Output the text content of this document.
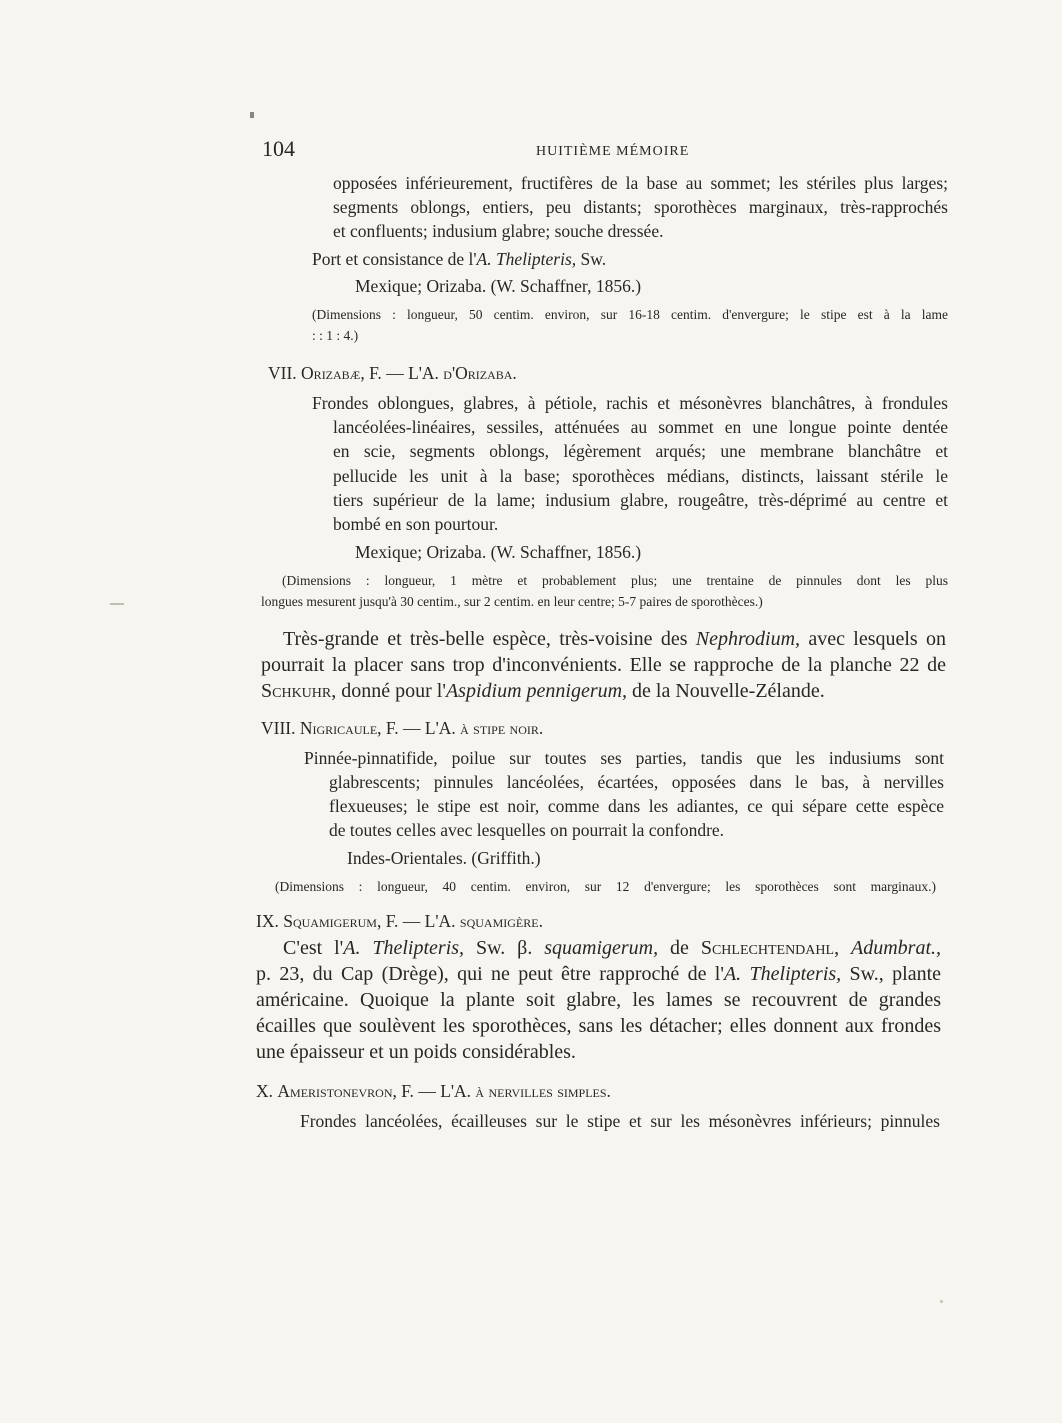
104	HUITIÈME MÉMOIRE
opposées inférieurement, fructifères de la base au sommet; les stériles plus larges;
segments oblongs, entiers, peu distants; sporothèces marginaux, très-rapprochés
et confluents; indusium glabre; souche dressée.
Port et consistance de l'A. Thelipteris, Sw.
Mexique; Orizaba. (W. Schaffner, 1856.)
(Dimensions : longueur, 50 centim. environ, sur 16-18 centim. d'envergure; le stipe est à la lame
: : 1 : 4.)
VII. Orizabæ, F. — L'A. d'Orizaba.
Frondes oblongues, glabres, à pétiole, rachis et mésonèvres blanchâtres, à frondules
lancéolées-linéaires, sessiles, atténuées au sommet en une longue pointe dentée
en scie, segments oblongs, légèrement arqués; une membrane blanchâtre et
pellucide les unit à la base; sporothèces médians, distincts, laissant stérile le
tiers supérieur de la lame; indusium glabre, rougeâtre, très-déprimé au centre et
bombé en son pourtour.
Mexique; Orizaba. (W. Schaffner, 1856.)
(Dimensions : longueur, 1 mètre et probablement plus; une trentaine de pinnules dont les plus
longues mesurent jusqu'à 30 centim., sur 2 centim. en leur centre; 5-7 paires de sporothèces.)
Très-grande et très-belle espèce, très-voisine des Nephrodium, avec lesquels on
pourrait la placer sans trop d'inconvénients. Elle se rapproche de la planche 22 de
Schkuhr, donné pour l'Aspidium pennigerum, de la Nouvelle-Zélande.
VIII. Nigricaule, F. — L'A. à stipe noir.
Pinnée-pinnatifide, poilue sur toutes ses parties, tandis que les indusiums sont
glabrescents; pinnules lancéolées, écartées, opposées dans le bas, à nervilles
flexueuses; le stipe est noir, comme dans les adiantes, ce qui sépare cette espèce
de toutes celles avec lesquelles on pourrait la confondre.
Indes-Orientales. (Griffith.)
(Dimensions : longueur, 40 centim. environ, sur 12 d'envergure; les sporothèces sont marginaux.)
IX. Squamigerum, F. — L'A. squamigère.
C'est l'A. Thelipteris, Sw. β. squamigerum, de Schlechtendahl, Adumbrat.,
p. 23, du Cap (Drège), qui ne peut être rapproché de l'A. Thelipteris, Sw., plante
américaine. Quoique la plante soit glabre, les lames se recouvrent de grandes
écailles que soulèvent les sporothèces, sans les détacher; elles donnent aux frondes
une épaisseur et un poids considérables.
X. Ameristonevron, F. — L'A. à nervilles simples.
Frondes lancéolées, écailleuses sur le stipe et sur les mésonèvres inférieurs; pinnules
